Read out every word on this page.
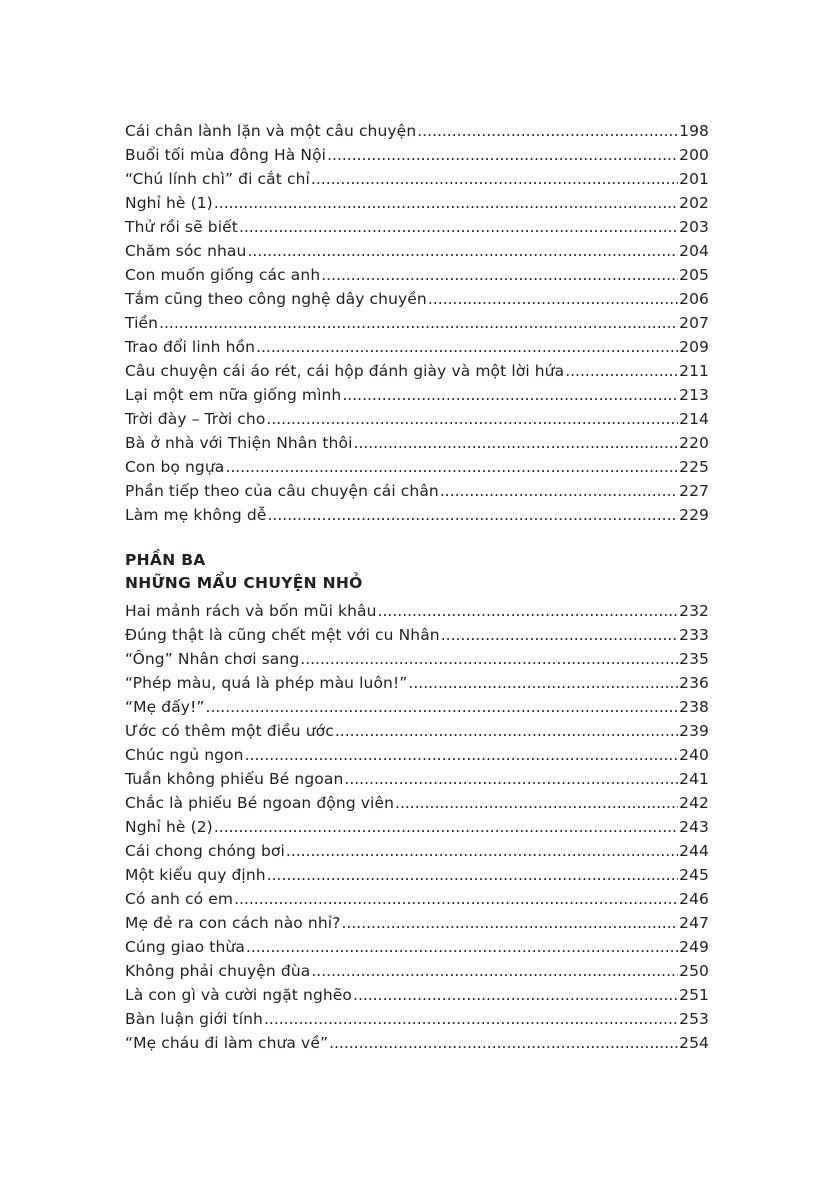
Cái chân lành lặn và một câu chuyện .....	198
Buổi tối mùa đông Hà Nội .....	200
“Chú lính chì” đi cắt chỉ .....	201
Nghỉ hè (1) .....	202
Thử rồi sẽ biết .....	203
Chăm sóc nhau .....	204
Con muốn giống các anh .....	205
Tắm cũng theo công nghệ dây chuyền .....	206
Tiền .....	207
Trao đổi linh hồn .....	209
Câu chuyện cái áo rét, cái hộp đánh giày và một lời hứa .....	211
Lại một em nữa giống mình .....	213
Trời đày – Trời cho .....	214
Bà ở nhà với Thiện Nhân thôi .....	220
Con bọ ngựa .....	225
Phần tiếp theo của câu chuyện cái chân .....	227
Làm mẹ không dễ .....	229
PHẦN BA
NHỮNG MẨU CHUYỆN NHỎ
Hai mảnh rách và bốn mũi khâu .....	232
Đúng thật là cũng chết mệt với cu Nhân .....	233
“Ông” Nhân chơi sang .....	235
“Phép màu, quá là phép màu luôn!” .....	236
“Mẹ đấy!” .....	238
Ước có thêm một điều ước .....	239
Chúc ngủ ngon .....	240
Tuần không phiếu Bé ngoan .....	241
Chắc là phiếu Bé ngoan động viên .....	242
Nghỉ hè (2) .....	243
Cái chong chóng bơi .....	244
Một kiểu quy định .....	245
Có anh có em .....	246
Mẹ đẻ ra con cách nào nhỉ? .....	247
Cúng giao thừa .....	249
Không phải chuyện đùa .....	250
Là con gì và cười ngặt nghẽo .....	251
Bàn luận giới tính .....	253
“Mẹ cháu đi làm chưa về” .....	254
